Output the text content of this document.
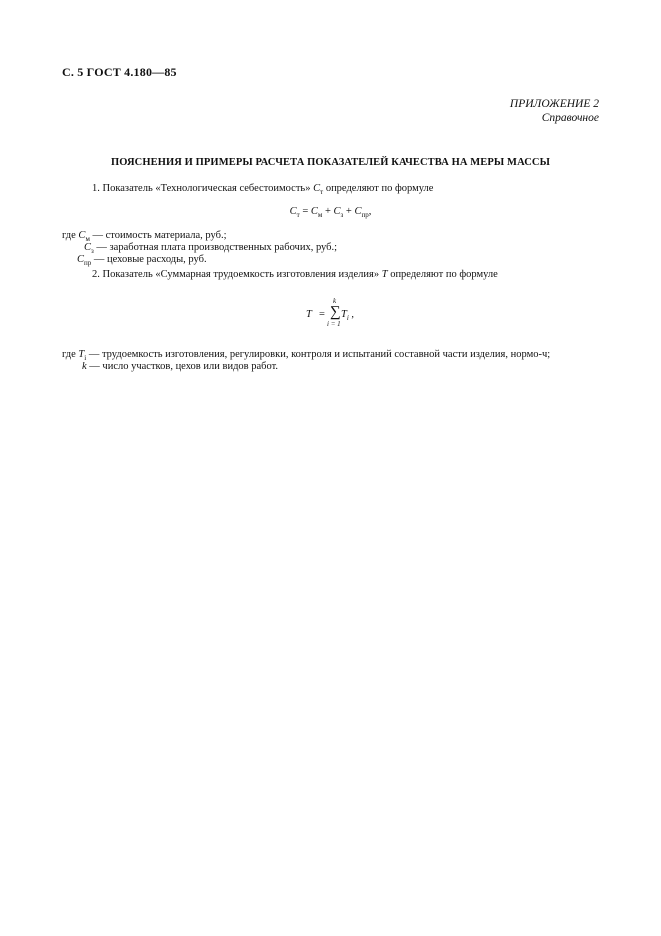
С. 5 ГОСТ 4.180—85
ПРИЛОЖЕНИЕ 2
Справочное
ПОЯСНЕНИЯ И ПРИМЕРЫ РАСЧЕТА ПОКАЗАТЕЛЕЙ КАЧЕСТВА НА МЕРЫ МАССЫ
1. Показатель «Технологическая себестоимость» $C_т$ определяют по формуле
$C_т = C_м + C_з + C_{пр}$,
где $C_м$ — стоимость материала, руб.;
$C_з$ — заработная плата производственных рабочих, руб.;
$C_{пр}$ — цеховые расходы, руб.
2. Показатель «Суммарная трудоемкость изготовления изделия» T определяют по формуле
T = ∑
k
i = 1
$T_i$ ,
где $T_i$ — трудоемкость изготовления, регулировки, контроля и испытаний составной части изделия, нормо-ч;
k — число участков, цехов или видов работ.
